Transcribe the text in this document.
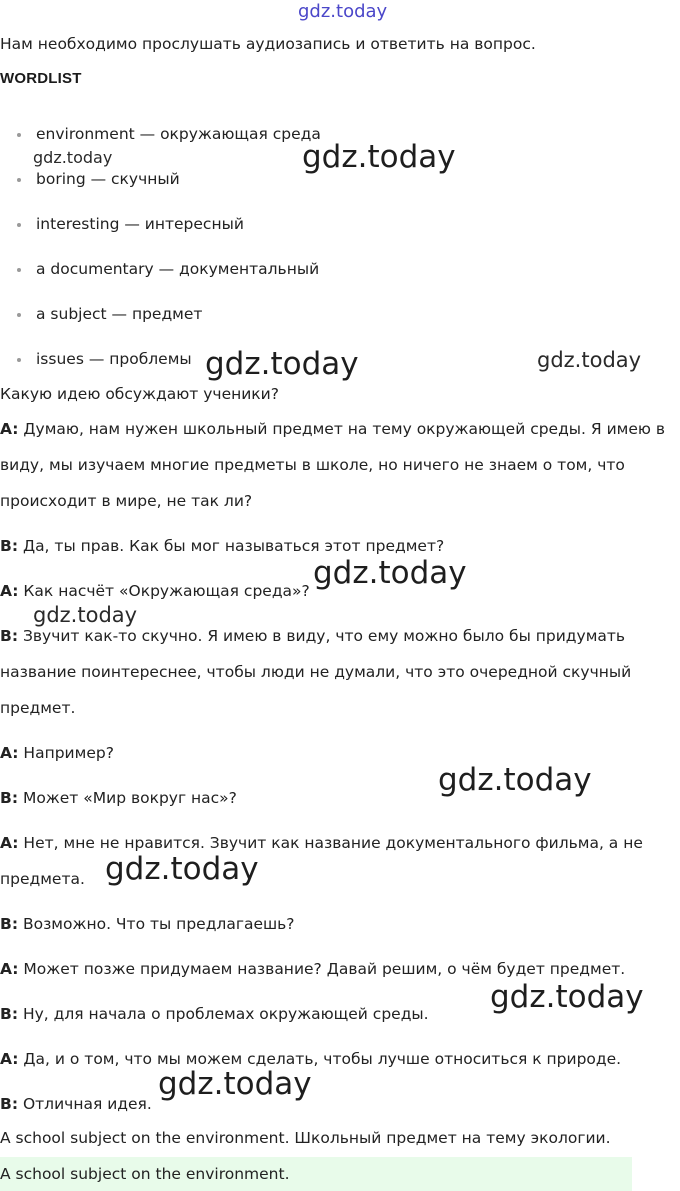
gdz.today

Нам необходимо прослушать аудиозапись и ответить на вопрос.

WORDLIST

environment — окружающая среда
boring — скучный
interesting — интересный
a documentary — документальный
a subject — предмет
issues — проблемы

Какую идею обсуждают ученики?

A: Думаю, нам нужен школьный предмет на тему окружающей среды. Я имею в

виду, мы изучаем многие предметы в школе, но ничего не знаем о том, что

происходит в мире, не так ли?

B: Да, ты прав. Как бы мог называться этот предмет?

A: Как насчёт «Окружающая среда»?

B: Звучит как-то скучно. Я имею в виду, что ему можно было бы придумать

название поинтереснее, чтобы люди не думали, что это очередной скучный

предмет.

A: Например?

B: Может «Мир вокруг нас»?

A: Нет, мне не нравится. Звучит как название документального фильма, а не

предмета.

B: Возможно. Что ты предлагаешь?

A: Может позже придумаем название? Давай решим, о чём будет предмет.

B: Ну, для начала о проблемах окружающей среды.

A: Да, и о том, что мы можем сделать, чтобы лучше относиться к природе.

B: Отличная идея.

A school subject on the environment. Школьный предмет на тему экологии.

A school subject on the environment.
gdz.today
gdz.today
gdz.today	gdz.today
gdz.today
gdz.today
gdz.today
gdz.today
gdz.today
gdz.today
